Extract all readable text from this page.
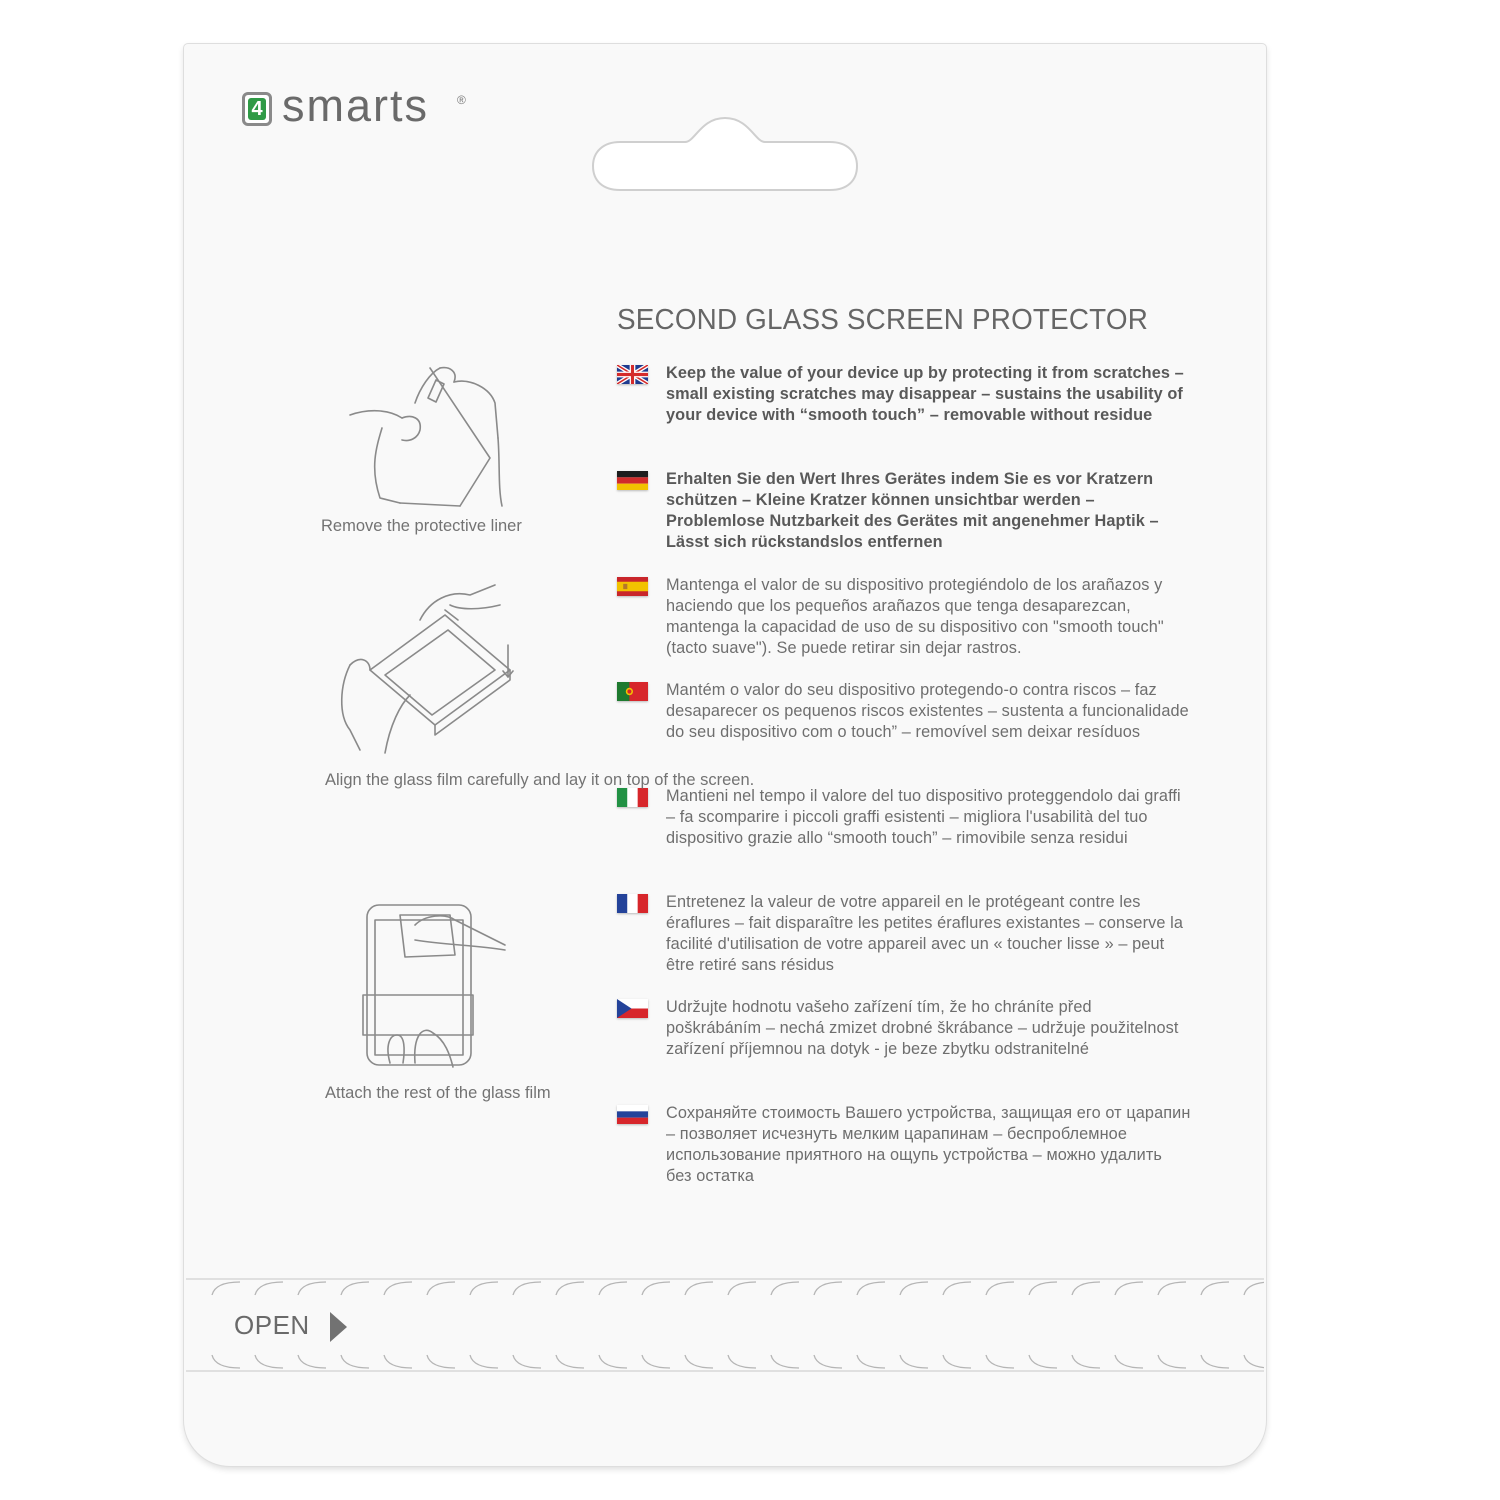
4 smarts ®
SECOND GLASS SCREEN PROTECTOR
Keep the value of your device up by protecting it from scratches – small existing scratches may disappear – sustains the usability of your device with “smooth touch” – removable without residue
Erhalten Sie den Wert Ihres Gerätes indem Sie es vor Kratzern schützen – Kleine Kratzer können unsichtbar werden – Problemlose Nutzbarkeit des Gerätes mit angenehmer Haptik – Lässt sich rückstandslos entfernen
Mantenga el valor de su dispositivo protegiéndolo de los arañazos y haciendo que los pequeños arañazos que tenga desaparezcan, mantenga la capacidad de uso de su dispositivo con "smooth touch" (tacto suave"). Se puede retirar sin dejar rastros.
Mantém o valor do seu dispositivo protegendo-o contra riscos – faz desaparecer os pequenos riscos existentes – sustenta a funcionalidade do seu dispositivo com o touch” – removível sem deixar resíduos
Mantieni nel tempo il valore del tuo dispositivo proteggendolo dai graffi – fa scomparire i piccoli graffi esistenti – migliora l'usabilità del tuo dispositivo grazie allo “smooth touch” – rimovibile senza residui
Entretenez la valeur de votre appareil en le protégeant contre les éraflures – fait disparaître les petites éraflures existantes – conserve la facilité d'utilisation de votre appareil avec un « toucher lisse » – peut être retiré sans résidus
Udržujte hodnotu vašeho zařízení tím, že ho chráníte před poškrábáním – nechá zmizet drobné škrábance – udržuje použitelnost zařízení příjemnou na dotyk - je beze zbytku odstranitelné
Сохраняйте стоимость Вашего устройства, защищая его от царапин – позволяет исчезнуть мелким царапинам – беспроблемное использование приятного на ощупь устройства – можно удалить без остатка
Remove the protective liner
Align the glass film carefully and lay it on top of the screen.
Attach the rest of the glass film
OPEN
